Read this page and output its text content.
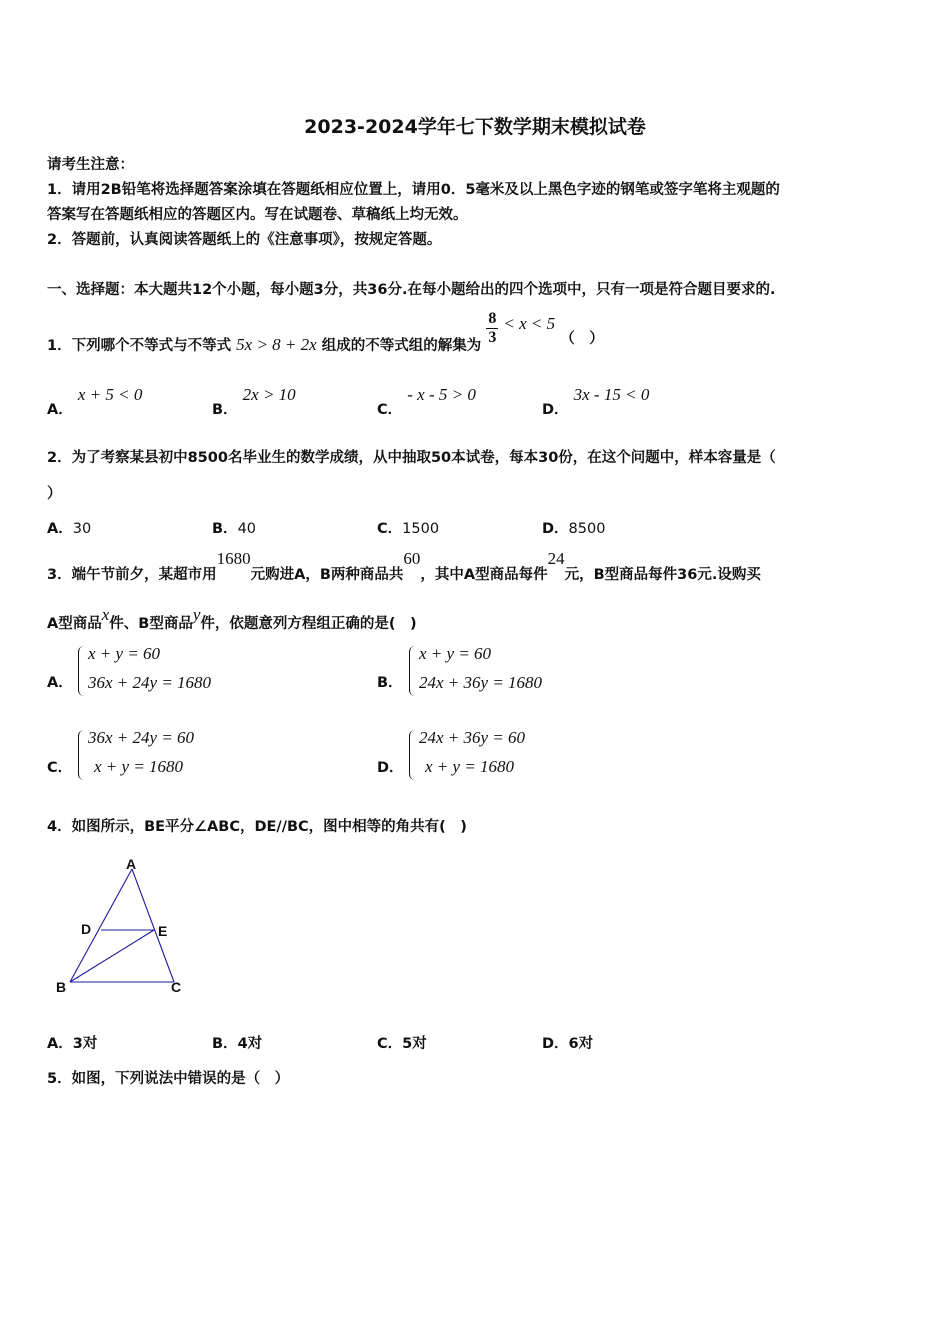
2023-2024学年七下数学期末模拟试卷
请考生注意：
1．请用2B铅笔将选择题答案涂填在答题纸相应位置上，请用0．5毫米及以上黑色字迹的钢笔或签字笔将主观题的
答案写在答题纸相应的答题区内。写在试题卷、草稿纸上均无效。
2．答题前，认真阅读答题纸上的《注意事项》，按规定答题。
一、选择题：本大题共12个小题，每小题3分，共36分.在每小题给出的四个选项中，只有一项是符合题目要求的.
1．下列哪个不等式与不等式 5x > 8 + 2x 组成的不等式组的解集为 $\frac{8}{3} < x < 5$ （　）
A． x + 5 < 0
B． 2x > 10
C． - x - 5 > 0
D． 3x - 15 < 0
2．为了考察某县初中8500名毕业生的数学成绩，从中抽取50本试卷，每本30份，在这个问题中，样本容量是（
）
A．30	B．40	C．1500	D．8500
3．端午节前夕，某超市用1680元购进A，B两种商品共60，其中A型商品每件24元，B型商品每件36元.设购买
A型商品x件、B型商品y件，依题意列方程组正确的是(　)
A．
x + y = 60
36x + 24y = 1680	B．
x + y = 60
24x + 36y = 1680
C．
36x + 24y = 60
x + y = 1680	D．
24x + 36y = 60
x + y = 1680
4．如图所示，BE平分∠ABC，DE//BC，图中相等的角共有(　)
A
D	E
B	C
A．3对	B．4对	C．5对	D．6对
5．如图，下列说法中错误的是（　）
